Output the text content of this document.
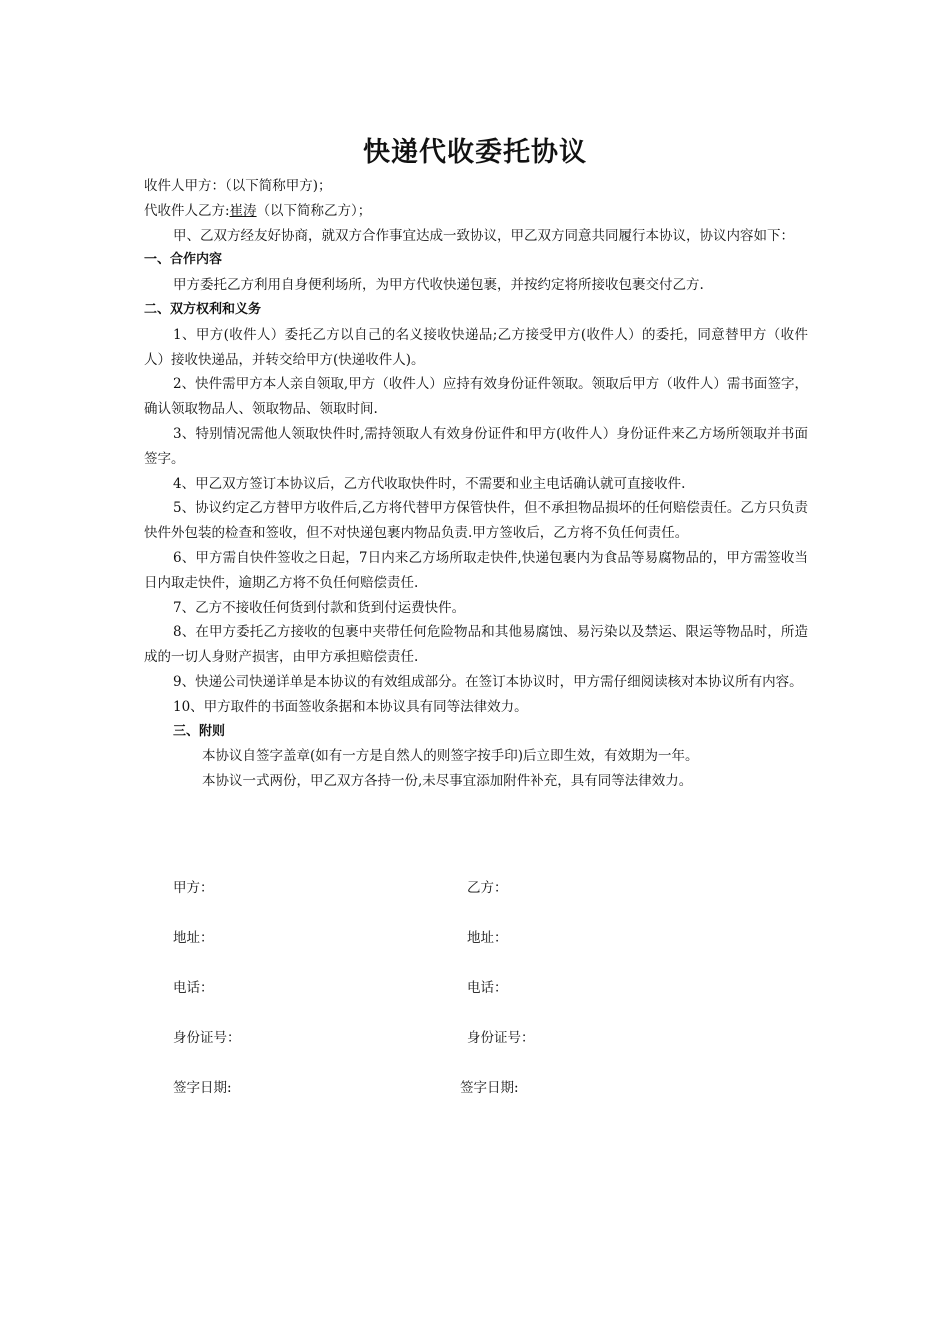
快递代收委托协议
收件人甲方：（以下简称甲方)；
代收件人乙方:崔涛（以下简称乙方）；
甲、乙双方经友好协商，就双方合作事宜达成一致协议，甲乙双方同意共同履行本协议，协议内容如下：
一、合作内容
甲方委托乙方利用自身便利场所，为甲方代收快递包裹，并按约定将所接收包裹交付乙方.
二、双方权利和义务
1、甲方(收件人）委托乙方以自己的名义接收快递品;乙方接受甲方(收件人）的委托，同意替甲方（收件人）接收快递品，并转交给甲方(快递收件人)。
2、快件需甲方本人亲自领取,甲方（收件人）应持有效身份证件领取。领取后甲方（收件人）需书面签字，确认领取物品人、领取物品、领取时间.
3、特别情况需他人领取快件时,需持领取人有效身份证件和甲方(收件人）身份证件来乙方场所领取并书面签字。
4、甲乙双方签订本协议后，乙方代收取快件时，不需要和业主电话确认就可直接收件.
5、协议约定乙方替甲方收件后,乙方将代替甲方保管快件，但不承担物品损坏的任何赔偿责任。乙方只负责快件外包装的检查和签收，但不对快递包裹内物品负责.甲方签收后，乙方将不负任何责任。
6、甲方需自快件签收之日起，7日内来乙方场所取走快件,快递包裹内为食品等易腐物品的，甲方需签收当日内取走快件，逾期乙方将不负任何赔偿责任.
7、乙方不接收任何货到付款和货到付运费快件。
8、在甲方委托乙方接收的包裹中夹带任何危险物品和其他易腐蚀、易污染以及禁运、限运等物品时，所造成的一切人身财产损害，由甲方承担赔偿责任.
9、快递公司快递详单是本协议的有效组成部分。在签订本协议时，甲方需仔细阅读核对本协议所有内容。
10、甲方取件的书面签收条据和本协议具有同等法律效力。
三、附则
本协议自签字盖章(如有一方是自然人的则签字按手印)后立即生效，有效期为一年。
本协议一式两份，甲乙双方各持一份,未尽事宜添加附件补充，具有同等法律效力。
甲方：	乙方：
地址：	地址：
电话：	电话：
身份证号：	身份证号：
签字日期:	签字日期:
